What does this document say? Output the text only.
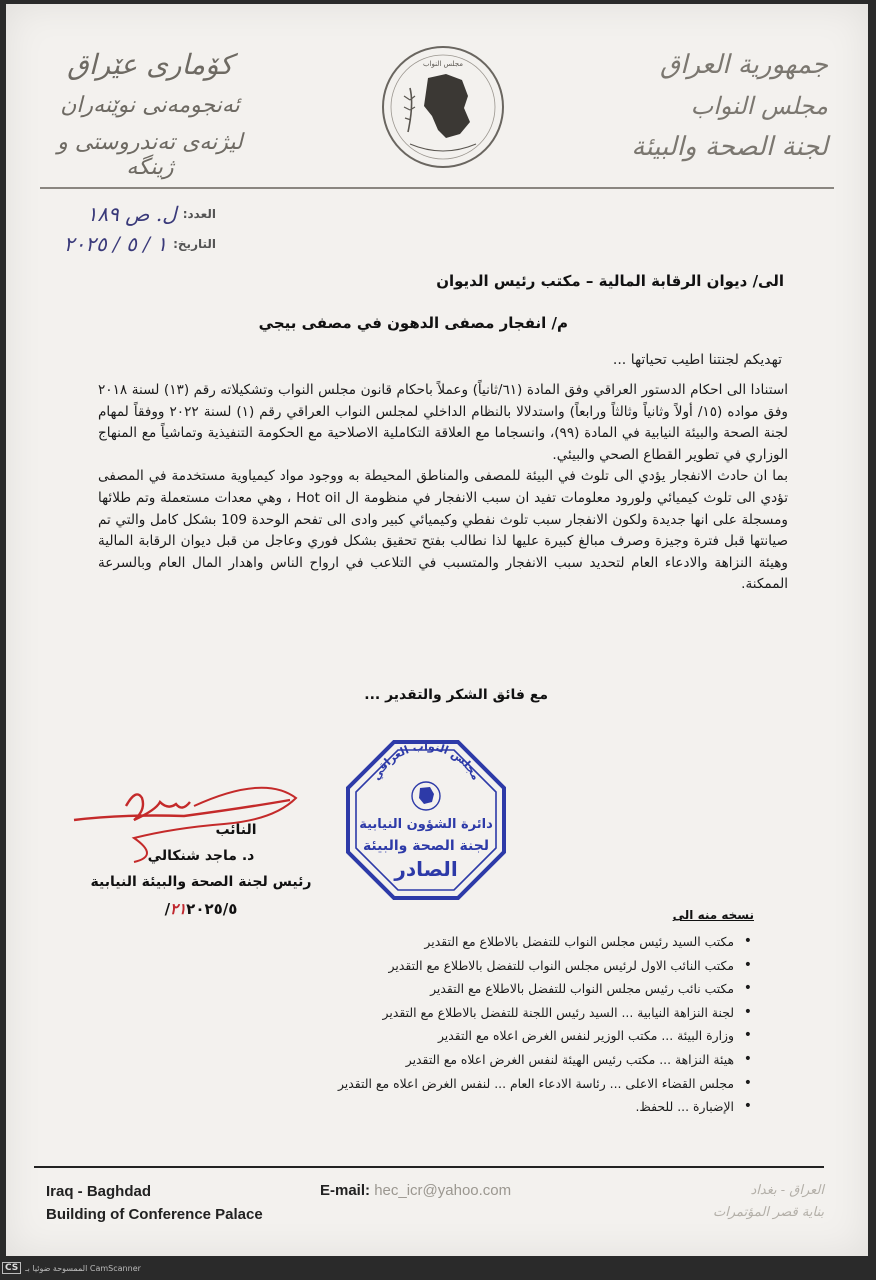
جمهورية العراق
مجلس النواب
لجنة الصحة والبيئة
کۆماری عێراق
ئەنجومەنی نوێنەران
لیژنەی تەندروستی و ژینگە
مجلس النواب
العدد:
ل. ص ١٨٩
التاريخ:
١ / ٥ / ٢٠٢٥
الى/ ديوان الرقابة المالية – مكتب رئيس الديوان
م/ انفجار مصفى الدهون في مصفى بيجي
تهديكم لجنتنا اطيب تحياتها ...

استنادا الى احكام الدستور العراقي وفق المادة (٦١/ثانياً) وعملاً باحكام قانون مجلس النواب وتشكيلاته رقم (١٣) لسنة ٢٠١٨ وفق مواده (١٥/ أولاً وثانياً وثالثاً ورابعاً) واستدلالا بالنظام الداخلي لمجلس النواب العراقي رقم (١) لسنة ٢٠٢٢ ووفقاً لمهام لجنة الصحة والبيئة النيابية في المادة (٩٩)، وانسجاما مع العلاقة التكاملية الاصلاحية مع الحكومة التنفيذية وتماشياً مع المنهاج الوزاري في تطوير القطاع الصحي والبيئي.

بما ان حادث الانفجار يؤدي الى تلوث في البيئة للمصفى والمناطق المحيطة به ووجود مواد كيمياوية مستخدمة في المصفى تؤدي الى تلوث كيميائي ولورود معلومات تفيد ان سبب الانفجار في منظومة ال Hot oil ، وهي معدات مستعملة وتم طلائها ومسجلة على انها جديدة ولكون الانفجار سبب تلوث نفطي وكيميائي كبير وادى الى تفحم الوحدة 109 بشكل كامل والتي تم صيانتها قبل فترة وجيزة وصرف مبالغ كبيرة عليها لذا نطالب بفتح تحقيق بشكل فوري وعاجل من قبل ديوان الرقابة المالية وهيئة النزاهة والادعاء العام لتحديد سبب الانفجار والمتسبب في التلاعب في ارواح الناس واهدار المال العام وبالسرعة الممكنة.

مع فائق الشكر والتقدير ...
مجلس النواب العراقي
دائرة الشؤون النيابية
لجنة الصحة والبيئة
الصادر
النائب
د. ماجد شنكالي
رئيس لجنة الصحة والبيئة النيابية
٢١٢٠٢٥/٥/	نسخه منه الى
• مكتب السيد رئيس مجلس النواب للتفضل بالاطلاع مع التقدير
• مكتب النائب الاول لرئيس مجلس النواب للتفضل بالاطلاع مع التقدير
• مكتب نائب رئيس مجلس النواب للتفضل بالاطلاع مع التقدير
• لجنة النزاهة النيابية ... السيد رئيس اللجنة للتفضل بالاطلاع مع التقدير
• وزارة البيئة ... مكتب الوزير لنفس الغرض اعلاه مع التقدير
• هيئة النزاهة ... مكتب رئيس الهيئة لنفس الغرض اعلاه مع التقدير
• مجلس القضاء الاعلى ... رئاسة الادعاء العام ... لنفس الغرض اعلاه مع التقدير
• الإضبارة ... للحفظ.
Iraq - Baghdad
Building of Conference Palace
E-mail: hec_icr@yahoo.com	العراق - بغداد
بناية قصر المؤتمرات
CS الممسوحة ضوئيا بـ CamScanner
